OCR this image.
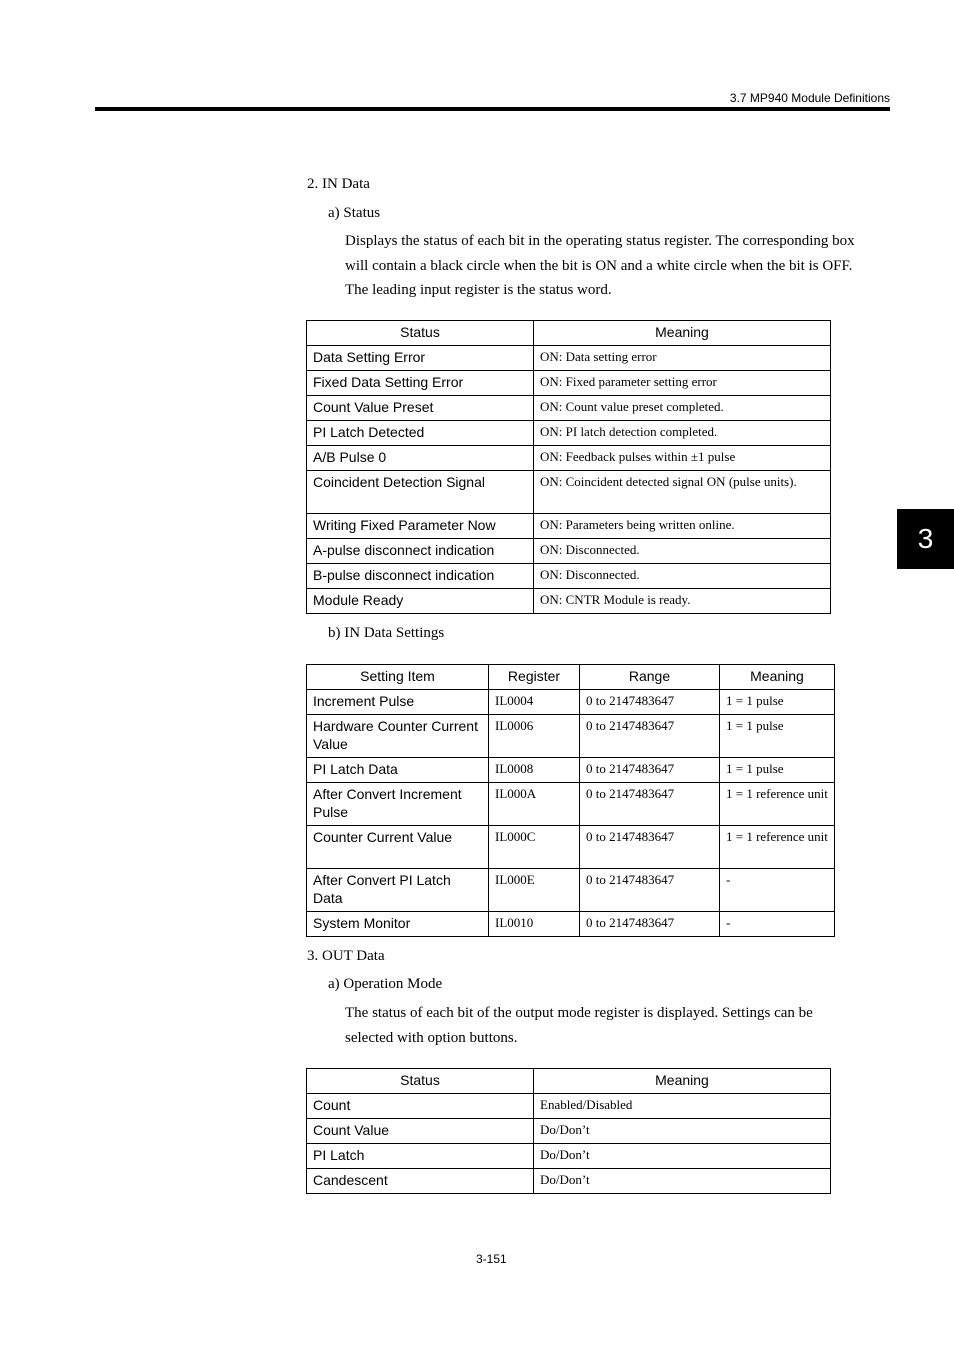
3.7 MP940 Module Definitions
3
2. IN Data
a) Status
Displays the status of each bit in the operating status register. The corresponding box
will contain a black circle when the bit is ON and a white circle when the bit is OFF.
The leading input register is the status word.
Status	Meaning
Data Setting Error	ON: Data setting error
Fixed Data Setting Error	ON: Fixed parameter setting error
Count Value Preset	ON: Count value preset completed.
PI Latch Detected	ON: PI latch detection completed.
A/B Pulse 0	ON: Feedback pulses within ±1 pulse
Coincident Detection Signal	ON: Coincident detected signal ON (pulse units).
Writing Fixed Parameter Now	ON: Parameters being written online.
A-pulse disconnect indication	ON: Disconnected.
B-pulse disconnect indication	ON: Disconnected.
Module Ready	ON: CNTR Module is ready.
b) IN Data Settings
Setting Item	Register	Range	Meaning
Increment Pulse	IL0004	0 to 2147483647	1 = 1 pulse
Hardware Counter Current Value	IL0006	0 to 2147483647	1 = 1 pulse
PI Latch Data	IL0008	0 to 2147483647	1 = 1 pulse
After Convert Increment Pulse	IL000A	0 to 2147483647	1 = 1 reference unit
Counter Current Value	IL000C	0 to 2147483647	1 = 1 reference unit
After Convert PI Latch Data	IL000E	0 to 2147483647	-
System Monitor	IL0010	0 to 2147483647	-
3. OUT Data
a) Operation Mode
The status of each bit of the output mode register is displayed. Settings can be
selected with option buttons.
Status	Meaning
Count	Enabled/Disabled
Count Value	Do/Don’t
PI Latch	Do/Don’t
Candescent	Do/Don’t
3-151
